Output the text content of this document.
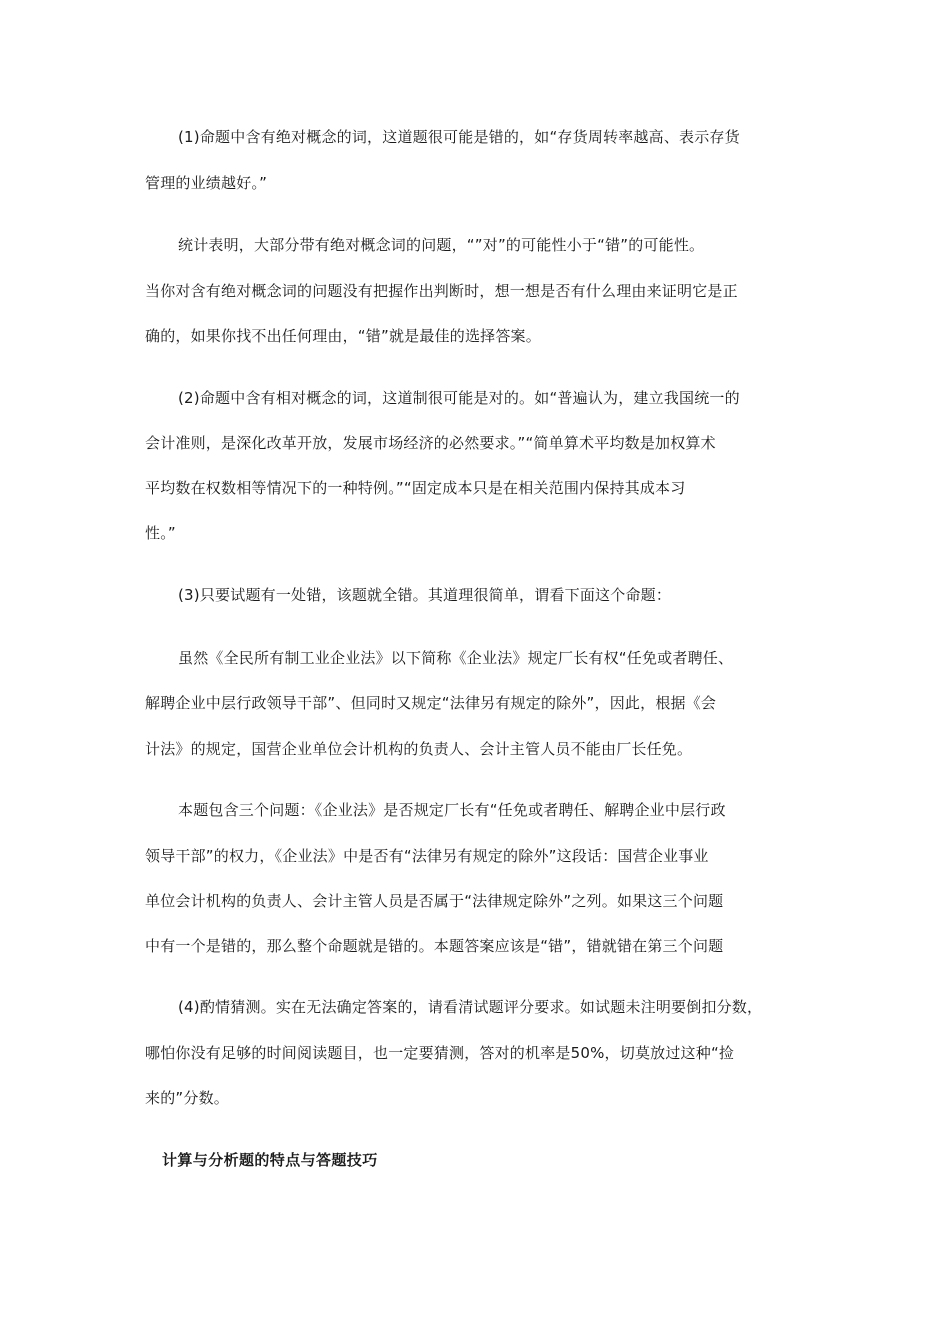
(1)命题中含有绝对概念的词，这道题很可能是错的，如“存货周转率越高、表示存货
管理的业绩越好。”
统计表明，大部分带有绝对概念词的问题，“”对”的可能性小于“错”的可能性。
当你对含有绝对概念词的问题没有把握作出判断时，想一想是否有什么理由来证明它是正
确的，如果你找不出任何理由，“错”就是最佳的选择答案。
(2)命题中含有相对概念的词，这道制很可能是对的。如“普遍认为，建立我国统一的
会计准则，是深化改革开放，发展市场经济的必然要求。”“简单算术平均数是加权算术
平均数在权数相等情况下的一种特例。”“固定成本只是在相关范围内保持其成本习
性。”
(3)只要试题有一处错，该题就全错。其道理很简单，谓看下面这个命题：
虽然《全民所有制工业企业法》以下简称《企业法》规定厂长有权“任免或者聘任、
解聘企业中层行政领导干部”、但同时又规定“法律另有规定的除外”，因此，根据《会
计法》的规定，国营企业单位会计机构的负责人、会计主管人员不能由厂长任免。
本题包含三个问题：《企业法》是否规定厂长有“任免或者聘任、解聘企业中层行政
领导干部”的权力，《企业法》中是否有“法律另有规定的除外”这段话：国营企业事业
单位会计机构的负责人、会计主管人员是否属于“法律规定除外”之列。如果这三个问题
中有一个是错的，那么整个命题就是错的。本题答案应该是“错”，错就错在第三个问题
(4)酌情猜测。实在无法确定答案的，请看清试题评分要求。如试题未注明要倒扣分数，
哪怕你没有足够的时间阅读题目，也一定要猜测，答对的机率是50%，切莫放过这种“捡
来的”分数。
计算与分析题的特点与答题技巧
